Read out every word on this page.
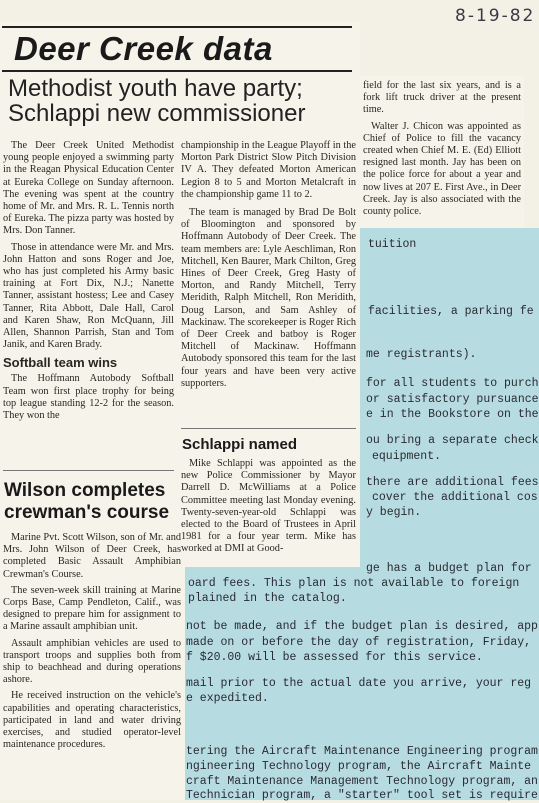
8-19-82
tuition
facilities, a parking fe
me registrants).
for all students to purch
or satisfactory pursuance
e in the Bookstore on the
ou bring a separate check
equipment.
there are additional fees
cover the additional cos
y begin.
ge has a budget plan for
oard fees. This plan is not available to foreign
plained in the catalog.
not be made, and if the budget plan is desired, app
made on or before the day of registration, Friday,
f $20.00 will be assessed for this service.
mail prior to the actual date you arrive, your reg
e expedited.
tering the Aircraft Maintenance Engineering program
ngineering Technology program, the Aircraft Mainte
craft Maintenance Management Technology program, an
Technician program, a "starter" tool set is require
Deer Creek data
Methodist youth have party; Schlappi new commissioner

The Deer Creek United Methodist young people enjoyed a swimming party in the Reagan Physical Education Center at Eureka College on Sunday afternoon. The evening was spent at the country home of Mr. and Mrs. R. L. Tennis north of Eureka. The pizza party was hosted by Mrs. Don Tanner.

Those in attendance were Mr. and Mrs. John Hatton and sons Roger and Joe, who has just completed his Army basic training at Fort Dix, N.J.; Nanette Tanner, assistant hostess; Lee and Casey Tanner, Rita Abbott, Dale Hall, Carol and Karen Shaw, Ron McQuann, Jill Allen, Shannon Parrish, Stan and Tom Janik, and Karen Brady.

Softball team wins

The Hoffmann Autobody Softball Team won first place trophy for being top league standing 12-2 for the season. They won the

Wilson completes crewman's course

Marine Pvt. Scott Wilson, son of Mr. and Mrs. John Wilson of Deer Creek, has completed Basic Assault Amphibian Crewman's Course.

The seven-week skill training at Marine Corps Base, Camp Pendleton, Calif., was designed to prepare him for assignment to a Marine assault amphibian unit.

Assault amphibian vehicles are used to transport troops and supplies both from ship to beachhead and during operations ashore.

He received instruction on the vehicle's capabilities and operating characteristics, participated in land and water driving exercises, and studied operator-level maintenance procedures.

championship in the League Playoff in the Morton Park District Slow Pitch Division IV A. They defeated Morton American Legion 8 to 5 and Morton Metalcraft in the championship game 11 to 2.

The team is managed by Brad De Bolt of Bloomington and sponsored by Hoffmann Autobody of Deer Creek. The team members are: Lyle Aeschliman, Ron Mitchell, Ken Baurer, Mark Chilton, Greg Hines of Deer Creek, Greg Hasty of Morton, and Randy Mitchell, Terry Meridith, Ralph Mitchell, Ron Meridith, Doug Larson, and Sam Ashley of Mackinaw. The scorekeeper is Roger Rich of Deer Creek and batboy is Roger Mitchell of Mackinaw. Hoffmann Autobody sponsored this team for the last four years and have been very active supporters.

Schlappi named

Mike Schlappi was appointed as the new Police Commissioner by Mayor Darrell D. McWilliams at a Police Committee meeting last Monday evening. Twenty-seven-year-old Schlappi was elected to the Board of Trustees in April 1981 for a four year term. Mike has worked at DMI at Good-

field for the last six years, and is a fork lift truck driver at the present time.

Walter J. Chicon was appointed as Chief of Police to fill the vacancy created when Chief M. E. (Ed) Elliott resigned last month. Jay has been on the police force for about a year and now lives at 207 E. First Ave., in Deer Creek. Jay is also associated with the county police.
